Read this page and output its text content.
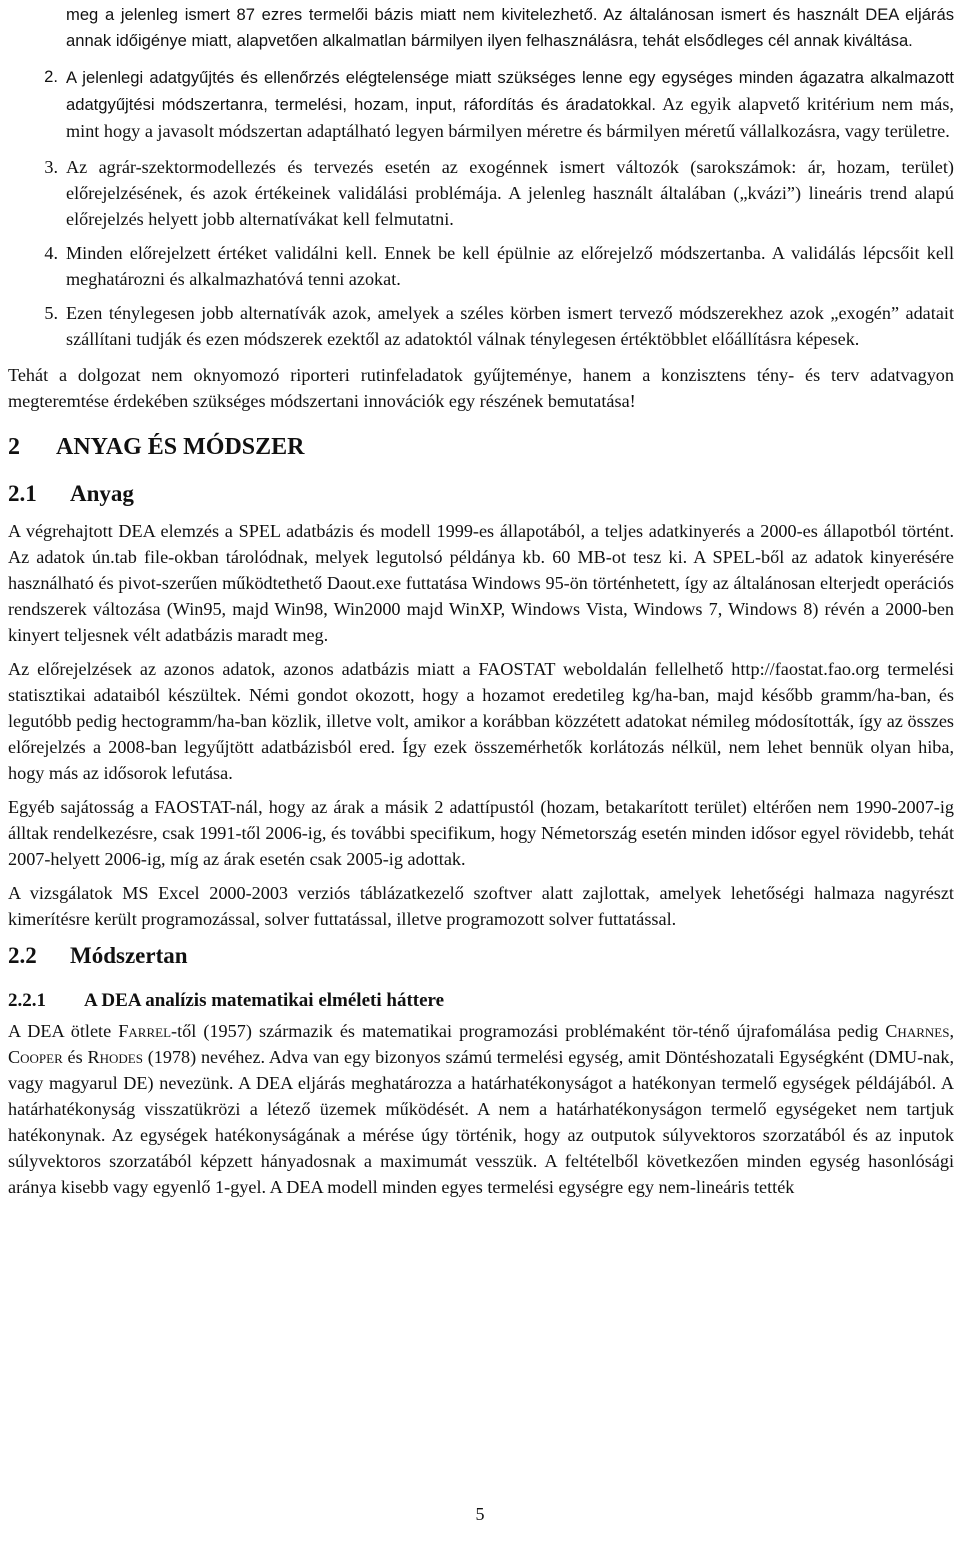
meg a jelenleg ismert 87 ezres termelői bázis miatt nem kivitelezhető. Az általánosan ismert és használt DEA eljárás annak időigénye miatt, alapvetően alkalmatlan bármilyen ilyen felhasználásra, tehát elsődleges cél annak kiváltása.

2. A jelenlegi adatgyűjtés és ellenőrzés elégtelensége miatt szükséges lenne egy egységes minden ágazatra alkalmazott adatgyűjtési módszertanra, termelési, hozam, input, ráfordítás és áradatokkal. Az egyik alapvető kritérium nem más, mint hogy a javasolt módszertan adaptálható legyen bármilyen méretre és bármilyen méretű vállalkozásra, vagy területre.

3. Az agrár-szektormodellezés és tervezés esetén az exogénnek ismert változók (sarokszámok: ár, hozam, terület) előrejelzésének, és azok értékeinek validálási problémája. A jelenleg használt általában („kvázi”) lineáris trend alapú előrejelzés helyett jobb alternatívákat kell felmutatni.

4. Minden előrejelzett értéket validálni kell. Ennek be kell épülnie az előrejelző módszertanba. A validálás lépcsőit kell meghatározni és alkalmazhatóvá tenni azokat.

5. Ezen ténylegesen jobb alternatívák azok, amelyek a széles körben ismert tervező módszerekhez azok „exogén” adatait szállítani tudják és ezen módszerek ezektől az adatoktól válnak ténylegesen értéktöbblet előállításra képesek.

Tehát a dolgozat nem oknyomozó riporteri rutinfeladatok gyűjteménye, hanem a konzisztens tény- és terv adatvagyon megteremtése érdekében szükséges módszertani innovációk egy részének bemutatása!

2	ANYAG ÉS MÓDSZER
2.1	Anyag

A végrehajtott DEA elemzés a SPEL adatbázis és modell 1999-es állapotából, a teljes adatkinyerés a 2000-es állapotból történt. Az adatok ún.tab file-okban tárolódnak, melyek legutolsó példánya kb. 60 MB-ot tesz ki. A SPEL-ből az adatok kinyerésére használható és pivot-szerűen működtethető Daout.exe futtatása Windows 95-ön történhetett, így az általánosan elterjedt operációs rendszerek változása (Win95, majd Win98, Win2000 majd WinXP, Windows Vista, Windows 7, Windows 8) révén a 2000-ben kinyert teljesnek vélt adatbázis maradt meg.

Az előrejelzések az azonos adatok, azonos adatbázis miatt a FAOSTAT weboldalán fellelhető http://faostat.fao.org termelési statisztikai adataiból készültek. Némi gondot okozott, hogy a hozamot eredetileg kg/ha-ban, majd később gramm/ha-ban, és legutóbb pedig hectogramm/ha-ban közlik, illetve volt, amikor a korábban közzétett adatokat némileg módosították, így az összes előrejelzés a 2008-ban legyűjtött adatbázisból ered. Így ezek összemérhetők korlátozás nélkül, nem lehet bennük olyan hiba, hogy más az idősorok lefutása.

Egyéb sajátosság a FAOSTAT-nál, hogy az árak a másik 2 adattípustól (hozam, betakarított terület) eltérően nem 1990-2007-ig álltak rendelkezésre, csak 1991-től 2006-ig, és további specifikum, hogy Németország esetén minden idősor egyel rövidebb, tehát 2007-helyett 2006-ig, míg az árak esetén csak 2005-ig adottak.

A vizsgálatok MS Excel 2000-2003 verziós táblázatkezelő szoftver alatt zajlottak, amelyek lehetőségi halmaza nagyrészt kimerítésre került programozással, solver futtatással, illetve programozott solver futtatással.

2.2	Módszertan
2.2.1	A DEA analízis matematikai elméleti háttere

A DEA ötlete Farrel-től (1957) származik és matematikai programozási problémaként tör-ténő újrafomálása pedig Charnes, Cooper és Rhodes (1978) nevéhez. Adva van egy bizonyos számú termelési egység, amit Döntéshozatali Egységként (DMU-nak, vagy magyarul DE) nevezünk. A DEA eljárás meghatározza a határhatékonyságot a hatékonyan termelő egységek példájából. A határhatékonyság visszatükrözi a létező üzemek működését. A nem a határhatékonyságon termelő egységeket nem tartjuk hatékonynak. Az egységek hatékonyságának a mérése úgy történik, hogy az outputok súlyvektoros szorzatából és az inputok súlyvektoros szorzatából képzett hányadosnak a maximumát vesszük. A feltételből következően minden egység hasonlósági aránya kisebb vagy egyenlő 1-gyel. A DEA modell minden egyes termelési egységre egy nem-lineáris tették

5
